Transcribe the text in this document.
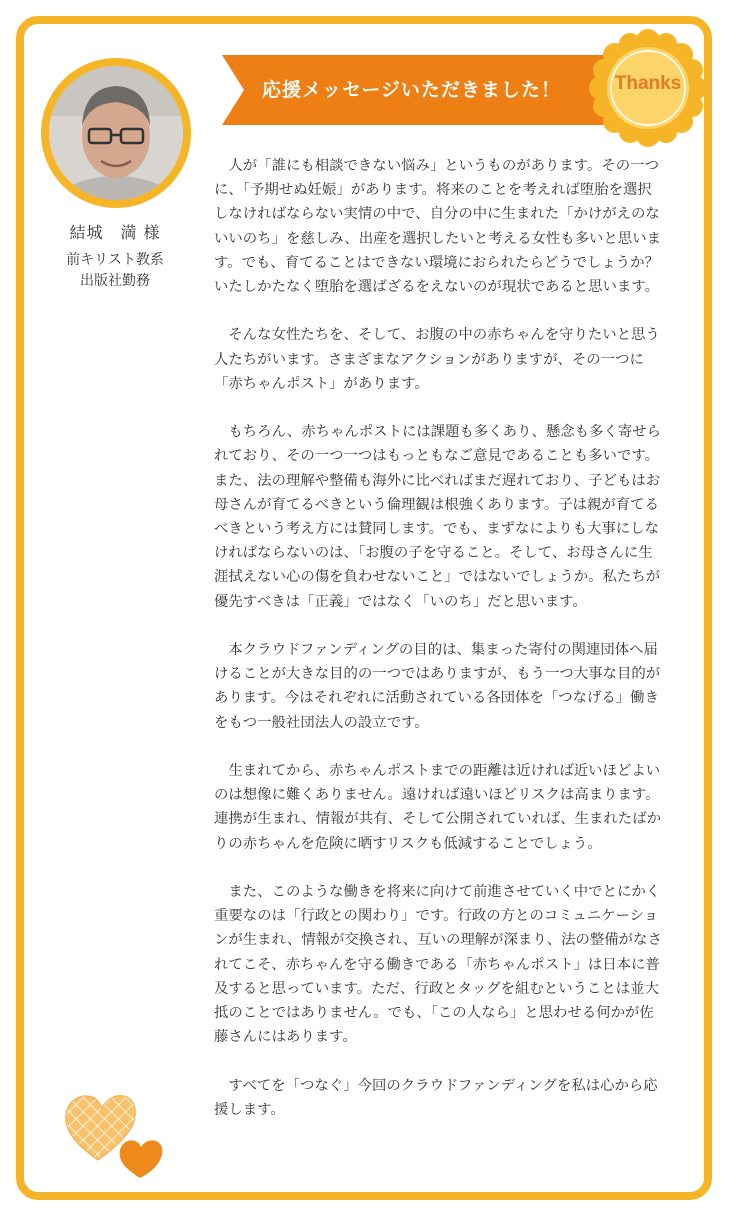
結城　満 様
前キリスト教系
出版社勤務
応援メッセージいただきました！	Thanks

人が「誰にも相談できない悩み」というものがあります。その一つに、「予期せぬ妊娠」があります。将来のことを考えれば堕胎を選択しなければならない実情の中で、自分の中に生まれた「かけがえのないいのち」を慈しみ、出産を選択したいと考える女性も多いと思います。でも、育てることはできない環境におられたらどうでしょうか？いたしかたなく堕胎を選ばざるをえないのが現状であると思います。

そんな女性たちを、そして、お腹の中の赤ちゃんを守りたいと思う人たちがいます。さまざまなアクションがありますが、その一つに「赤ちゃんポスト」があります。

もちろん、赤ちゃんポストには課題も多くあり、懸念も多く寄せられており、その一つ一つはもっともなご意見であることも多いです。また、法の理解や整備も海外に比べればまだ遅れており、子どもはお母さんが育てるべきという倫理観は根強くあります。子は親が育てるべきという考え方には賛同します。でも、まずなによりも大事にしなければならないのは、「お腹の子を守ること。そして、お母さんに生涯拭えない心の傷を負わせないこと」ではないでしょうか。私たちが優先すべきは「正義」ではなく「いのち」だと思います。

本クラウドファンディングの目的は、集まった寄付の関連団体へ届けることが大きな目的の一つではありますが、もう一つ大事な目的があります。今はそれぞれに活動されている各団体を「つなげる」働きをもつ一般社団法人の設立です。

生まれてから、赤ちゃんポストまでの距離は近ければ近いほどよいのは想像に難くありません。遠ければ遠いほどリスクは高まります。連携が生まれ、情報が共有、そして公開されていれば、生まれたばかりの赤ちゃんを危険に晒すリスクも低減することでしょう。

また、このような働きを将来に向けて前進させていく中でとにかく重要なのは「行政との関わり」です。行政の方とのコミュニケーションが生まれ、情報が交換され、互いの理解が深まり、法の整備がなされてこそ、赤ちゃんを守る働きである「赤ちゃんポスト」は日本に普及すると思っています。ただ、行政とタッグを組むということは並大抵のことではありません。でも、「この人なら」と思わせる何かが佐藤さんにはあります。

すべてを「つなぐ」今回のクラウドファンディングを私は心から応援します。
